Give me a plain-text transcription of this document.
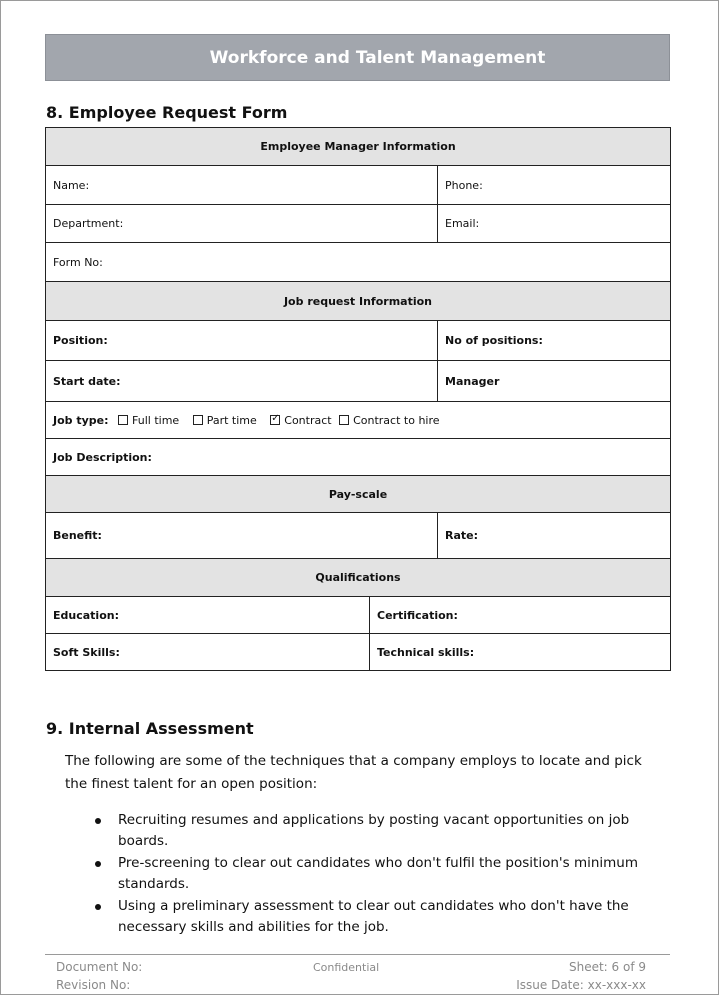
Workforce and Talent Management
8. Employee Request Form
Employee Manager Information		
Name:		Phone:
Department:		Email:
Form No:		
Job request Information		
Position:		No of positions:
Start date:		Manager
Job type: Full time Part time ✓ Contract Contract to hire
Job Description:		
Pay-scale		
Benefit:		Rate:
Qualifications		
Education:	Certification:	
Soft Skills:	Technical skills:	
9. Internal Assessment
The following are some of the techniques that a company employs to locate and pick the finest talent for an open position:
Recruiting resumes and applications by posting vacant opportunities on job boards.
Pre-screening to clear out candidates who don't fulfil the position's minimum standards.
Using a preliminary assessment to clear out candidates who don't have the necessary skills and abilities for the job.
Document No:	Confidential	Sheet: 6 of 9
Revision No:	Issue Date: xx-xxx-xx
